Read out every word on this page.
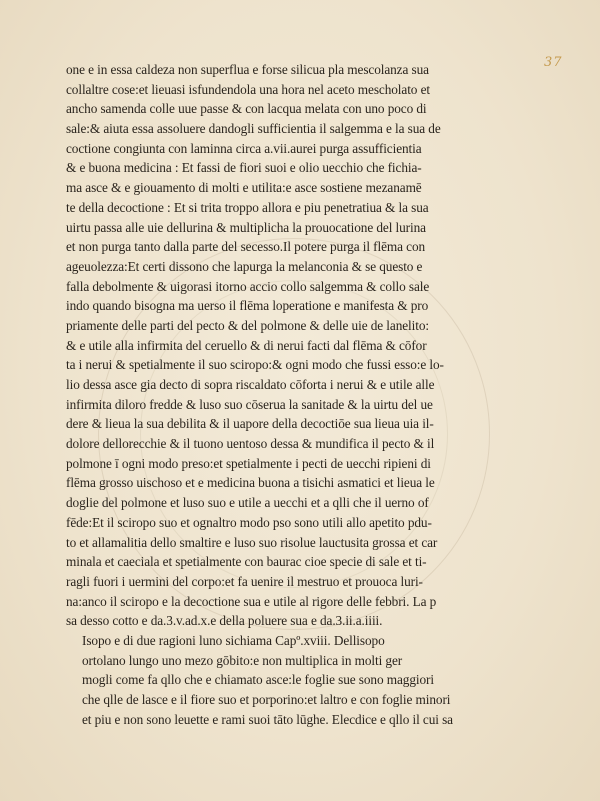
37
one e in essa caldeza non superflua e forse silicua pla mescolanza sua
collaltre cose:et lieuasi isfundendola una hora nel aceto mescholato et
ancho samenda colle uue passe & con lacqua melata con uno poco di
sale:& aiuta essa assoluere dandogli sufficientia il salgemma e la sua de
coctione congiunta con laminna circa a.vii.aurei purga assufficientia
& e buona medicina : Et fassi de fiori suoi e olio uecchio che fichia-
ma asce & e giouamento di molti e utilita:e asce sostiene mezanamē
te della decoctione : Et si trita troppo allora e piu penetratiua & la sua
uirtu passa alle uie dellurina & multiplicha la prouocatione del lurina
et non purga tanto dalla parte del secesso.Il potere purga il flēma con
ageuolezza:Et certi dissono che lapurga la melanconia & se questo e
falla debolmente & uigorasi itorno accio collo salgemma & collo sale
indo quando bisogna ma uerso il flēma loperatione e manifesta & pro
priamente delle parti del pecto & del polmone & delle uie de lanelito:
& e utile alla infirmita del ceruello & di nerui facti dal flēma & cōfor
ta i nerui & spetialmente il suo sciropo:& ogni modo che fussi esso:e lo-
lio dessa asce gia decto di sopra riscaldato cōforta i nerui & e utile alle
infirmita diloro fredde & luso suo cōserua la sanitade & la uirtu del ue
dere & lieua la sua debilita & il uapore della decoctiōe sua lieua uia il-
dolore dellorecchie & il tuono uentoso dessa & mundifica il pecto & il
polmone ī ogni modo preso:et spetialmente i pecti de uecchi ripieni di
flēma grosso uischoso et e medicina buona a tisichi asmatici et lieua le
doglie del polmone et luso suo e utile a uecchi et a qlli che il uerno of
fēde:Et il sciropo suo et ognaltro modo pso sono utili allo apetito pdu-
to et allamalitia dello smaltire e luso suo risolue lauctusita grossa et car
minala et caeciala et spetialmente con baurac cioe specie di sale et ti-
ragli fuori i uermini del corpo:et fa uenire il mestruo et prouoca luri-
na:anco il sciropo e la decoctione sua e utile al rigore delle febbri. La p
sa desso cotto e da.3.v.ad.x.e della poluere sua e da.3.ii.a.iiii.
Isopo e di due ragioni luno sichiama Capº.xviii. Dellisopo
ortolano lungo uno mezo gōbito:e non multiplica in molti ger
mogli come fa qllo che e chiamato asce:le foglie sue sono maggiori
che qlle de lasce e il fiore suo et porporino:et laltro e con foglie minori
et piu e non sono leuette e rami suoi tāto lūghe. Elecdice e qllo il cui sa
